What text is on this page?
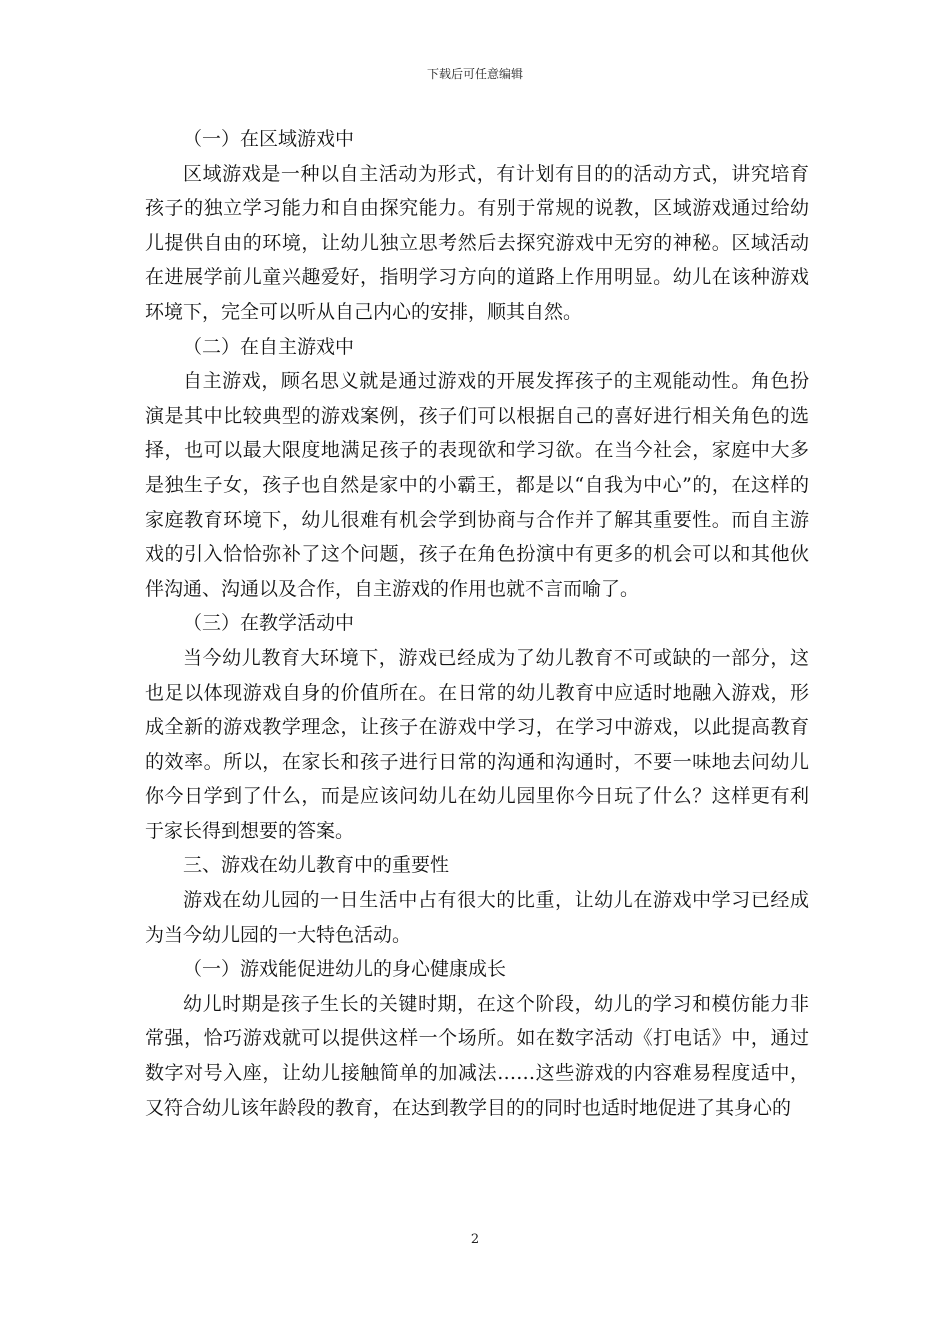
下载后可任意编辑

（一）在区域游戏中

区域游戏是一种以自主活动为形式，有计划有目的的活动方式，讲究培育孩子的独立学习能力和自由探究能力。有别于常规的说教，区域游戏通过给幼儿提供自由的环境，让幼儿独立思考然后去探究游戏中无穷的神秘。区域活动在进展学前儿童兴趣爱好，指明学习方向的道路上作用明显。幼儿在该种游戏环境下，完全可以听从自己内心的安排，顺其自然。

（二）在自主游戏中

自主游戏，顾名思义就是通过游戏的开展发挥孩子的主观能动性。角色扮演是其中比较典型的游戏案例，孩子们可以根据自己的喜好进行相关角色的选择，也可以最大限度地满足孩子的表现欲和学习欲。在当今社会，家庭中大多是独生子女，孩子也自然是家中的小霸王，都是以“自我为中心”的，在这样的家庭教育环境下，幼儿很难有机会学到协商与合作并了解其重要性。而自主游戏的引入恰恰弥补了这个问题，孩子在角色扮演中有更多的机会可以和其他伙伴沟通、沟通以及合作，自主游戏的作用也就不言而喻了。

（三）在教学活动中

当今幼儿教育大环境下，游戏已经成为了幼儿教育不可或缺的一部分，这也足以体现游戏自身的价值所在。在日常的幼儿教育中应适时地融入游戏，形成全新的游戏教学理念，让孩子在游戏中学习，在学习中游戏，以此提高教育的效率。所以，在家长和孩子进行日常的沟通和沟通时，不要一味地去问幼儿你今日学到了什么，而是应该问幼儿在幼儿园里你今日玩了什么？这样更有利于家长得到想要的答案。

三、游戏在幼儿教育中的重要性

游戏在幼儿园的一日生活中占有很大的比重，让幼儿在游戏中学习已经成为当今幼儿园的一大特色活动。

（一）游戏能促进幼儿的身心健康成长

幼儿时期是孩子生长的关键时期，在这个阶段，幼儿的学习和模仿能力非常强，恰巧游戏就可以提供这样一个场所。如在数字活动《打电话》中，通过数字对号入座，让幼儿接触简单的加减法……这些游戏的内容难易程度适中，又符合幼儿该年龄段的教育，在达到教学目的的同时也适时地促进了其身心的

2
